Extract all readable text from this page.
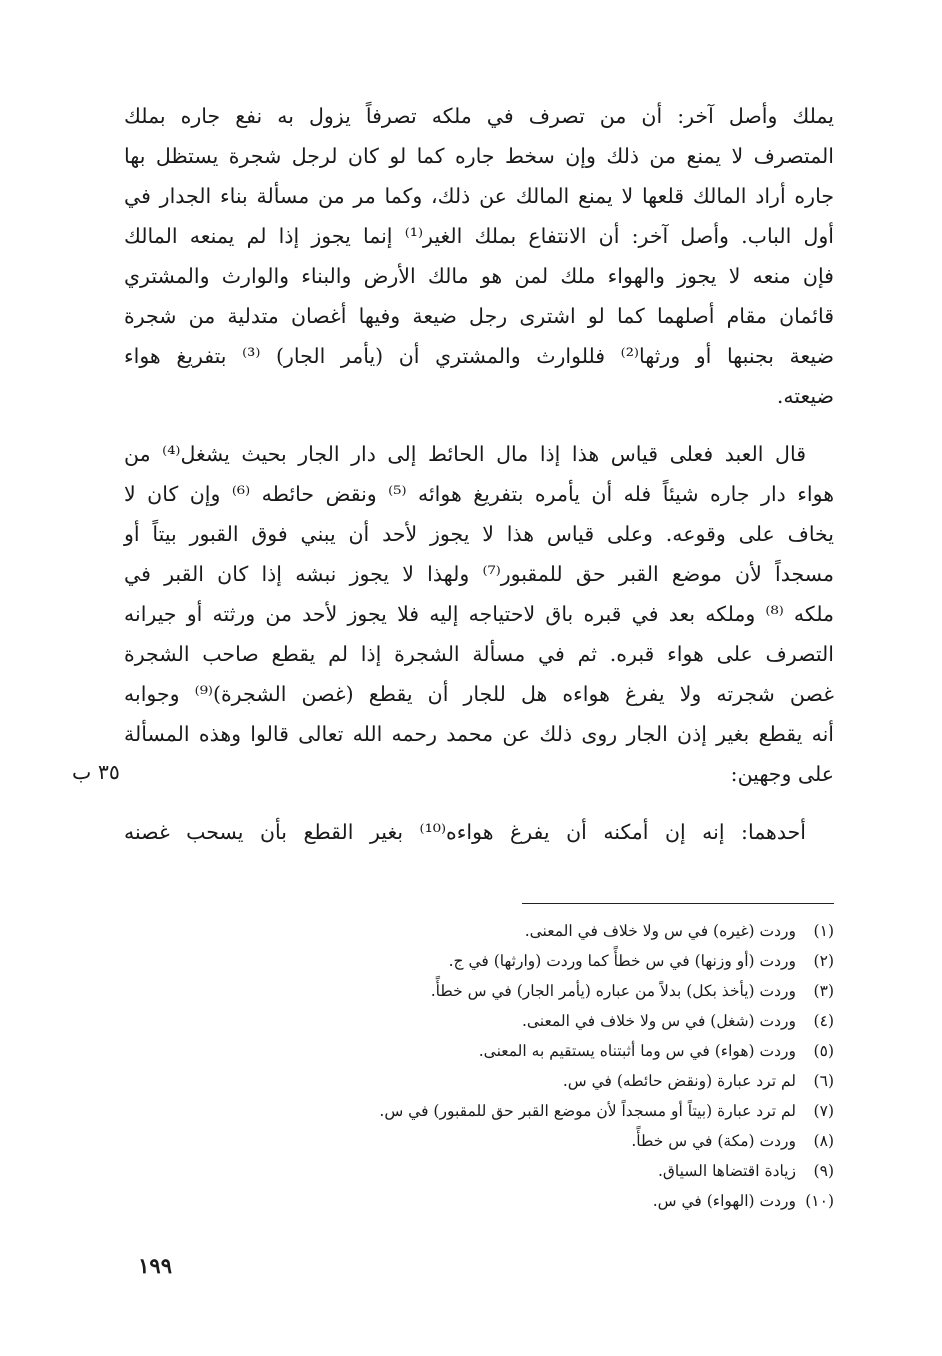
يملك وأصل آخر: أن من تصرف في ملكه تصرفاً يزول به نفع جاره بملك
المتصرف لا يمنع من ذلك وإن سخط جاره كما لو كان لرجل شجرة يستظل بها
جاره أراد المالك قلعها لا يمنع المالك عن ذلك، وكما مر من مسألة بناء الجدار في
أول الباب. وأصل آخر: أن الانتفاع بملك الغير⁽¹⁾ إنما يجوز إذا لم يمنعه المالك
فإن منعه لا يجوز والهواء ملك لمن هو مالك الأرض والبناء والوارث والمشتري
قائمان مقام أصلهما كما لو اشترى رجل ضيعة وفيها أغصان متدلية من شجرة
ضيعة بجنبها أو ورثها⁽²⁾ فللوارث والمشتري أن (يأمر الجار) ⁽³⁾ بتفريغ هواء
ضيعته.
قال العبد فعلى قياس هذا إذا مال الحائط إلى دار الجار بحيث يشغل⁽⁴⁾ من
هواء دار جاره شيئاً فله أن يأمره بتفريغ هوائه ⁽⁵⁾ ونقض حائطه ⁽⁶⁾ وإن كان لا
يخاف على وقوعه. وعلى قياس هذا لا يجوز لأحد أن يبني فوق القبور بيتاً أو
مسجداً لأن موضع القبر حق للمقبور⁽⁷⁾ ولهذا لا يجوز نبشه إذا كان القبر في
ملكه ⁽⁸⁾ وملكه بعد في قبره باق لاحتياجه إليه فلا يجوز لأحد من ورثته أو جيرانه
التصرف على هواء قبره. ثم في مسألة الشجرة إذا لم يقطع صاحب الشجرة
غصن شجرته ولا يفرغ هواءه هل للجار أن يقطع (غصن الشجرة)⁽⁹⁾ وجوابه
أنه يقطع بغير إذن الجار روى ذلك عن محمد رحمه الله تعالى قالوا وهذه المسألة
على وجهين:
أحدهما: إنه إن أمكنه أن يفرغ هواءه⁽¹⁰⁾ بغير القطع بأن يسحب غصنه
٣٥ ب
(١)
وردت (غيره) في س ولا خلاف في المعنى.
(٢)
وردت (أو وزنها) في س خطأً كما وردت (وارثها) في ج.
(٣)
وردت (يأخذ بكل) بدلاً من عباره (يأمر الجار) في س خطأً.
(٤)
وردت (شغل) في س ولا خلاف في المعنى.
(٥)
وردت (هواء) في س وما أثبتناه يستقيم به المعنى.
(٦)
لم ترد عبارة (ونقض حائطه) في س.
(٧)
لم ترد عبارة (بيتاً أو مسجداً لأن موضع القبر حق للمقبور) في س.
(٨)
وردت (مكة) في س خطأً.
(٩)
زيادة اقتضاها السياق.
(١٠)
وردت (الهواء) في س.
١٩٩
